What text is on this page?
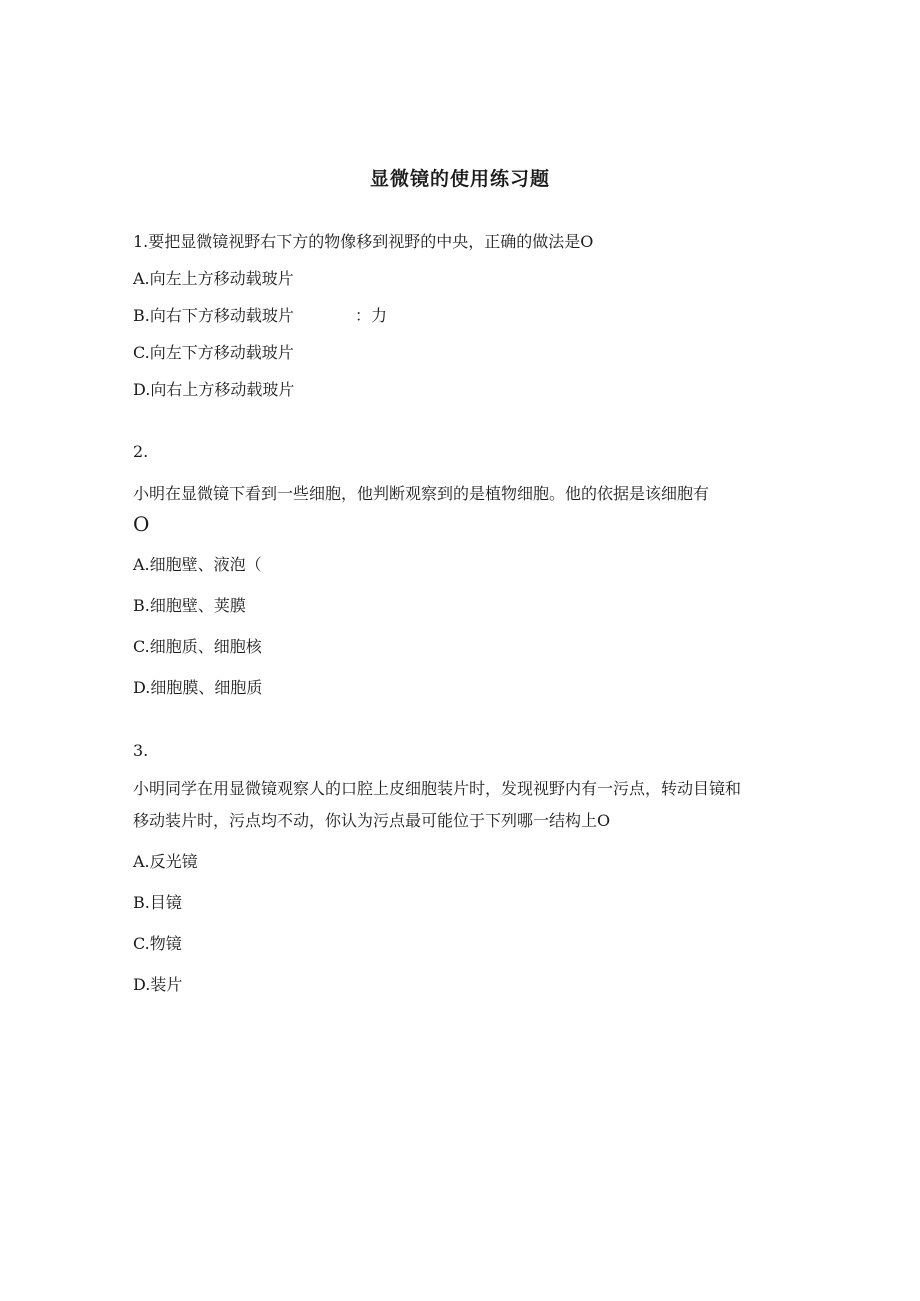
显微镜的使用练习题
1.要把显微镜视野右下方的物像移到视野的中央，正确的做法是O
A.向左上方移动载玻片
B.向右下方移动载玻片	：力
C.向左下方移动载玻片
D.向右上方移动载玻片
2.
小明在显微镜下看到一些细胞，他判断观察到的是植物细胞。他的依据是该细胞有
O
A.细胞壁、液泡（
B.细胞壁、荚膜
C.细胞质、细胞核
D.细胞膜、细胞质
3.
小明同学在用显微镜观察人的口腔上皮细胞装片时，发现视野内有一污点，转动目镜和
移动装片时，污点均不动，你认为污点最可能位于下列哪一结构上O
A.反光镜
B.目镜
C.物镜
D.装片
